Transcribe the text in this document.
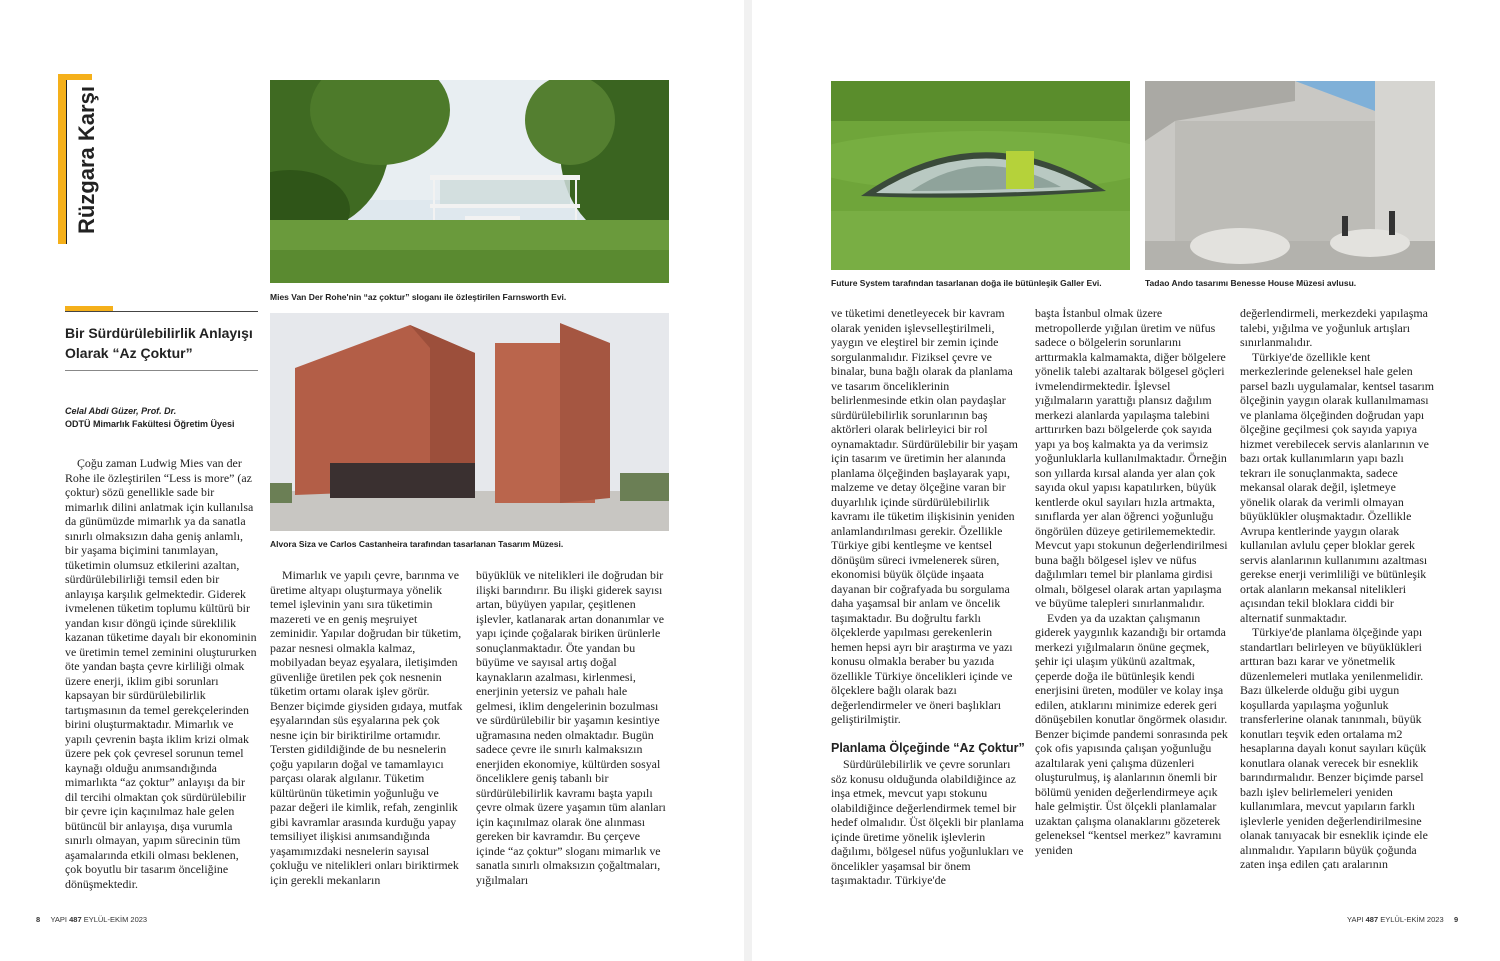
Rüzgara Karşı
Mies Van Der Rohe'nin “az çoktur” sloganı ile özleştirilen Farnsworth Evi.
Bir Sürdürülebilirlik Anlayışı
Olarak “Az Çoktur”
Celal Abdi Güzer, Prof. Dr.
ODTÜ Mimarlık Fakültesi Öğretim Üyesi
Alvora Siza ve Carlos Castanheira tarafından tasarlanan Tasarım Müzesi.

Çoğu zaman Ludwig Mies van der Rohe ile özleştirilen “Less is more” (az çoktur) sözü genellikle sade bir mimarlık dilini anlatmak için kullanılsa da günümüzde mimarlık ya da sanatla sınırlı olmaksızın daha geniş anlamlı, bir yaşama biçimini tanımlayan, tüketimin olumsuz etkilerini azaltan, sürdürülebilirliği temsil eden bir anlayışa karşılık gelmektedir. Giderek ivmelenen tüketim toplumu kültürü bir yandan kısır döngü içinde süreklilik kazanan tüketime dayalı bir ekonominin ve üretimin temel zeminini oluştururken öte yandan başta çevre kirliliği olmak üzere enerji, iklim gibi sorunları kapsayan bir sürdürülebilirlik tartışmasının da temel gerekçelerinden birini oluşturmaktadır. Mimarlık ve yapılı çevrenin başta iklim krizi olmak üzere pek çok çevresel sorunun temel kaynağı olduğu anımsandığında mimarlıkta “az çoktur” anlayışı da bir dil tercihi olmaktan çok sürdürülebilir bir çevre için kaçınılmaz hale gelen bütüncül bir anlayışa, dışa vurumla sınırlı olmayan, yapım sürecinin tüm aşamalarında etkili olması beklenen, çok boyutlu bir tasarım önceliğine dönüşmektedir.

Mimarlık ve yapılı çevre, barınma ve üretime altyapı oluşturmaya yönelik temel işlevinin yanı sıra tüketimin mazereti ve en geniş meşruiyet zeminidir. Yapılar doğrudan bir tüketim, pazar nesnesi olmakla kalmaz, mobilyadan beyaz eşyalara, iletişimden güvenliğe üretilen pek çok nesnenin tüketim ortamı olarak işlev görür. Benzer biçimde giysiden gıdaya, mutfak eşyalarından süs eşyalarına pek çok nesne için bir biriktirilme ortamıdır. Tersten gidildiğinde de bu nesnelerin çoğu yapıların doğal ve tamamlayıcı parçası olarak algılanır. Tüketim kültürünün tüketimin yoğunluğu ve pazar değeri ile kimlik, refah, zenginlik gibi kavramlar arasında kurduğu yapay temsiliyet ilişkisi anımsandığında yaşamımızdaki nesnelerin sayısal çokluğu ve nitelikleri onları biriktirmek için gerekli mekanların

büyüklük ve nitelikleri ile doğrudan bir ilişki barındırır. Bu ilişki giderek sayısı artan, büyüyen yapılar, çeşitlenen işlevler, katlanarak artan donanımlar ve yapı içinde çoğalarak biriken ürünlerle sonuçlanmaktadır. Öte yandan bu büyüme ve sayısal artış doğal kaynakların azalması, kirlenmesi, enerjinin yetersiz ve pahalı hale gelmesi, iklim dengelerinin bozulması ve sürdürülebilir bir yaşamın kesintiye uğramasına neden olmaktadır. Bugün sadece çevre ile sınırlı kalmaksızın enerjiden ekonomiye, kültürden sosyal önceliklere geniş tabanlı bir sürdürülebilirlik kavramı başta yapılı çevre olmak üzere yaşamın tüm alanları için kaçınılmaz olarak öne alınması gereken bir kavramdır. Bu çerçeve içinde “az çoktur” sloganı mimarlık ve sanatla sınırlı olmaksızın çoğaltmaları, yığılmaları

8 YAPI 487 EYLÜL-EKİM 2023
Future System tarafından tasarlanan doğa ile bütünleşik Galler Evi.	Tadao Ando tasarımı Benesse House Müzesi avlusu.

ve tüketimi denetleyecek bir kavram olarak yeniden işlevselleştirilmeli, yaygın ve eleştirel bir zemin içinde sorgulanmalıdır. Fiziksel çevre ve binalar, buna bağlı olarak da planlama ve tasarım önceliklerinin belirlenmesinde etkin olan paydaşlar sürdürülebilirlik sorunlarının baş aktörleri olarak belirleyici bir rol oynamaktadır. Sürdürülebilir bir yaşam için tasarım ve üretimin her alanında planlama ölçeğinden başlayarak yapı, malzeme ve detay ölçeğine varan bir duyarlılık içinde sürdürülebilirlik kavramı ile tüketim ilişkisinin yeniden anlamlandırılması gerekir. Özellikle Türkiye gibi kentleşme ve kentsel dönüşüm süreci ivmelenerek süren, ekonomisi büyük ölçüde inşaata dayanan bir coğrafyada bu sorgulama daha yaşamsal bir anlam ve öncelik taşımaktadır. Bu doğrultu farklı ölçeklerde yapılması gerekenlerin hemen hepsi ayrı bir araştırma ve yazı konusu olmakla beraber bu yazıda özellikle Türkiye öncelikleri içinde ve ölçeklere bağlı olarak bazı değerlendirmeler ve öneri başlıkları geliştirilmiştir.

Planlama Ölçeğinde “Az Çoktur”

Sürdürülebilirlik ve çevre sorunları söz konusu olduğunda olabildiğince az inşa etmek, mevcut yapı stokunu olabildiğince değerlendirmek temel bir hedef olmalıdır. Üst ölçekli bir planlama içinde üretime yönelik işlevlerin dağılımı, bölgesel nüfus yoğunlukları ve öncelikler yaşamsal bir önem taşımaktadır. Türkiye'de

başta İstanbul olmak üzere metropollerde yığılan üretim ve nüfus sadece o bölgelerin sorunlarını arttırmakla kalmamakta, diğer bölgelere yönelik talebi azaltarak bölgesel göçleri ivmelendirmektedir. İşlevsel yığılmaların yarattığı plansız dağılım merkezi alanlarda yapılaşma talebini arttırırken bazı bölgelerde çok sayıda yapı ya boş kalmakta ya da verimsiz yoğunluklarla kullanılmaktadır. Örneğin son yıllarda kırsal alanda yer alan çok sayıda okul yapısı kapatılırken, büyük kentlerde okul sayıları hızla artmakta, sınıflarda yer alan öğrenci yoğunluğu öngörülen düzeye getirilememektedir. Mevcut yapı stokunun değerlendirilmesi buna bağlı bölgesel işlev ve nüfus dağılımları temel bir planlama girdisi olmalı, bölgesel olarak artan yapılaşma ve büyüme talepleri sınırlanmalıdır.

Evden ya da uzaktan çalışmanın giderek yaygınlık kazandığı bir ortamda merkezi yığılmaların önüne geçmek, şehir içi ulaşım yükünü azaltmak, çeperde doğa ile bütünleşik kendi enerjisini üreten, modüler ve kolay inşa edilen, atıklarını minimize ederek geri dönüşebilen konutlar öngörmek olasıdır. Benzer biçimde pandemi sonrasında pek çok ofis yapısında çalışan yoğunluğu azaltılarak yeni çalışma düzenleri oluşturulmuş, iş alanlarının önemli bir bölümü yeniden değerlendirmeye açık hale gelmiştir. Üst ölçekli planlamalar uzaktan çalışma olanaklarını gözeterek geleneksel “kentsel merkez” kavramını yeniden

değerlendirmeli, merkezdeki yapılaşma talebi, yığılma ve yoğunluk artışları sınırlanmalıdır.

Türkiye'de özellikle kent merkezlerinde geleneksel hale gelen parsel bazlı uygulamalar, kentsel tasarım ölçeğinin yaygın olarak kullanılmaması ve planlama ölçeğinden doğrudan yapı ölçeğine geçilmesi çok sayıda yapıya hizmet verebilecek servis alanlarının ve bazı ortak kullanımların yapı bazlı tekrarı ile sonuçlanmakta, sadece mekansal olarak değil, işletmeye yönelik olarak da verimli olmayan büyüklükler oluşmaktadır. Özellikle Avrupa kentlerinde yaygın olarak kullanılan avlulu çeper bloklar gerek servis alanlarının kullanımını azaltması gerekse enerji verimliliği ve bütünleşik ortak alanların mekansal nitelikleri açısından tekil bloklara ciddi bir alternatif sunmaktadır.

Türkiye'de planlama ölçeğinde yapı standartları belirleyen ve büyüklükleri arttıran bazı karar ve yönetmelik düzenlemeleri mutlaka yenilenmelidir. Bazı ülkelerde olduğu gibi uygun koşullarda yapılaşma yoğunluk transferlerine olanak tanınmalı, büyük konutları teşvik eden ortalama m2 hesaplarına dayalı konut sayıları küçük konutlara olanak verecek bir esneklik barındırmalıdır. Benzer biçimde parsel bazlı işlev belirlemeleri yeniden kullanımlara, mevcut yapıların farklı işlevlerle yeniden değerlendirilmesine olanak tanıyacak bir esneklik içinde ele alınmalıdır. Yapıların büyük çoğunda zaten inşa edilen çatı aralarının

YAPI 487 EYLÜL-EKİM 2023 9
